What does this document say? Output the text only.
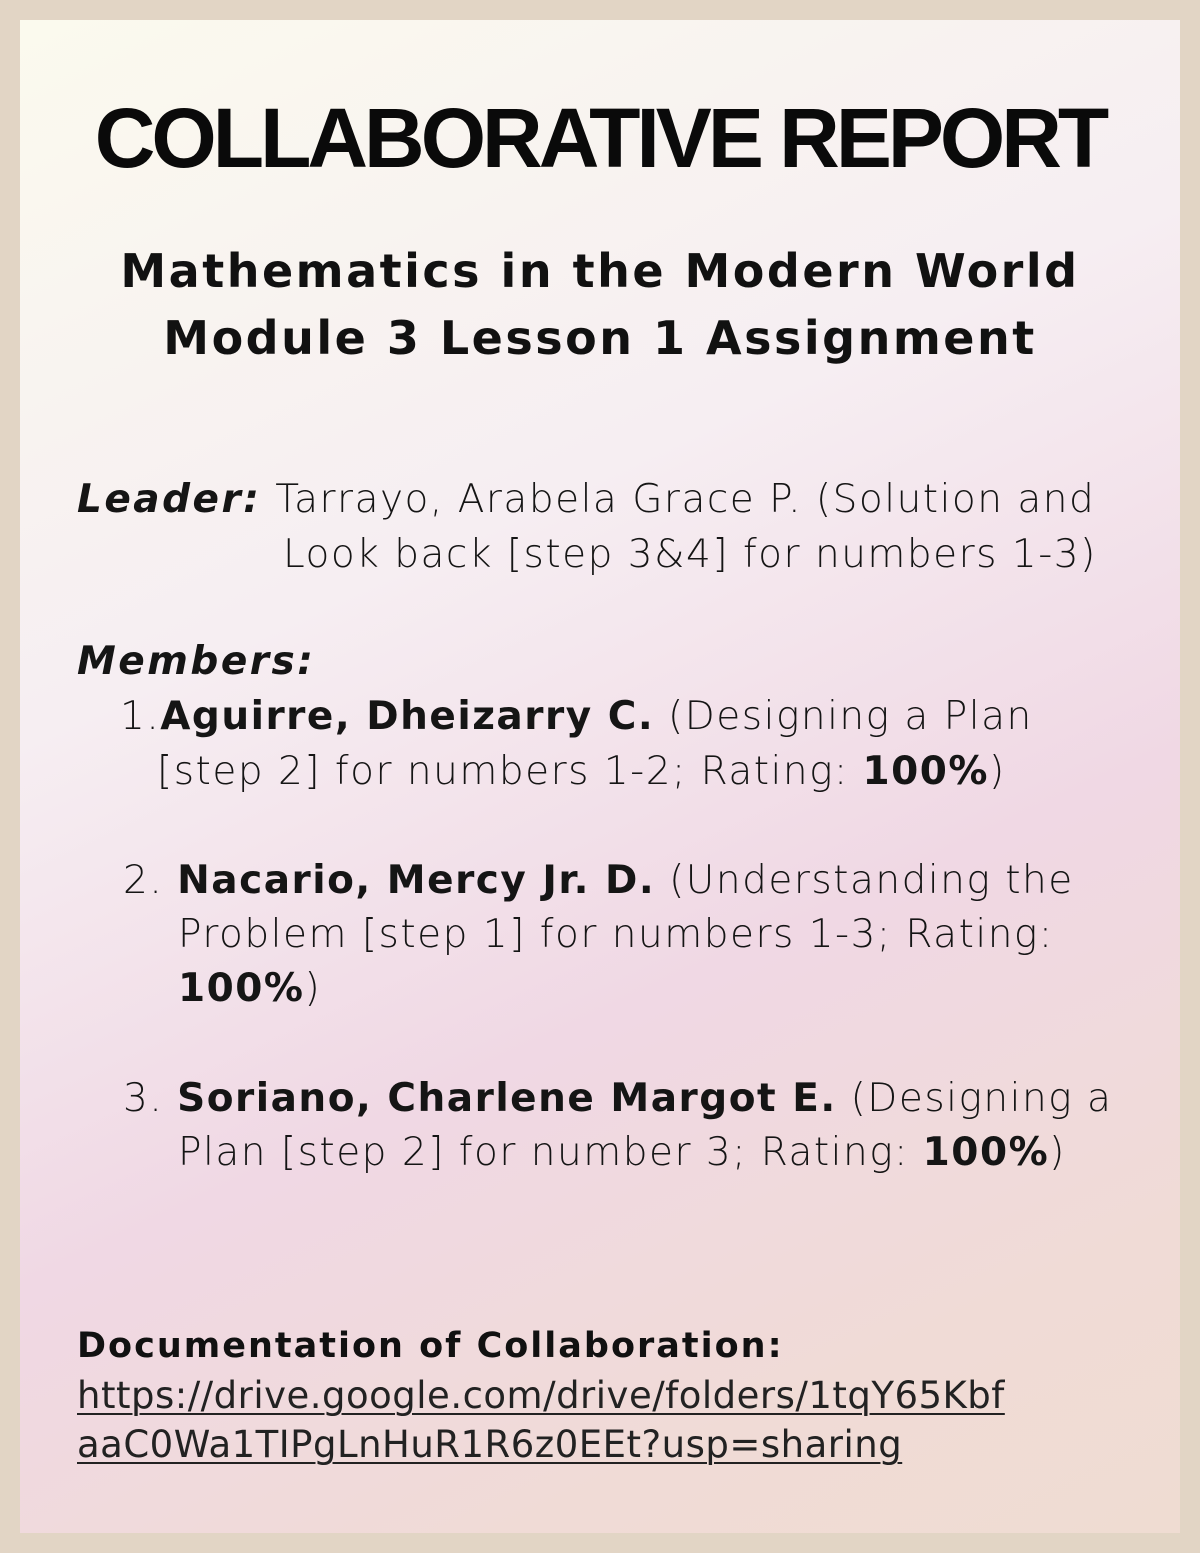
COLLABORATIVE REPORT
Mathematics in the Modern World
Module 3 Lesson 1 Assignment
Leader: Tarrayo, Arabela Grace P. (Solution and
Look back [step 3&4] for numbers 1-3)
Members:
1.Aguirre, Dheizarry C. (Designing a Plan
[step 2] for numbers 1-2; Rating: 100%)
2. Nacario, Mercy Jr. D. (Understanding the
Problem [step 1] for numbers 1-3; Rating:
100%)
3. Soriano, Charlene Margot E. (Designing a
Plan [step 2] for number 3; Rating: 100%)
Documentation of Collaboration:
https://drive.google.com/drive/folders/1tqY65Kbf
aaC0Wa1TIPgLnHuR1R6z0EEt?usp=sharing
